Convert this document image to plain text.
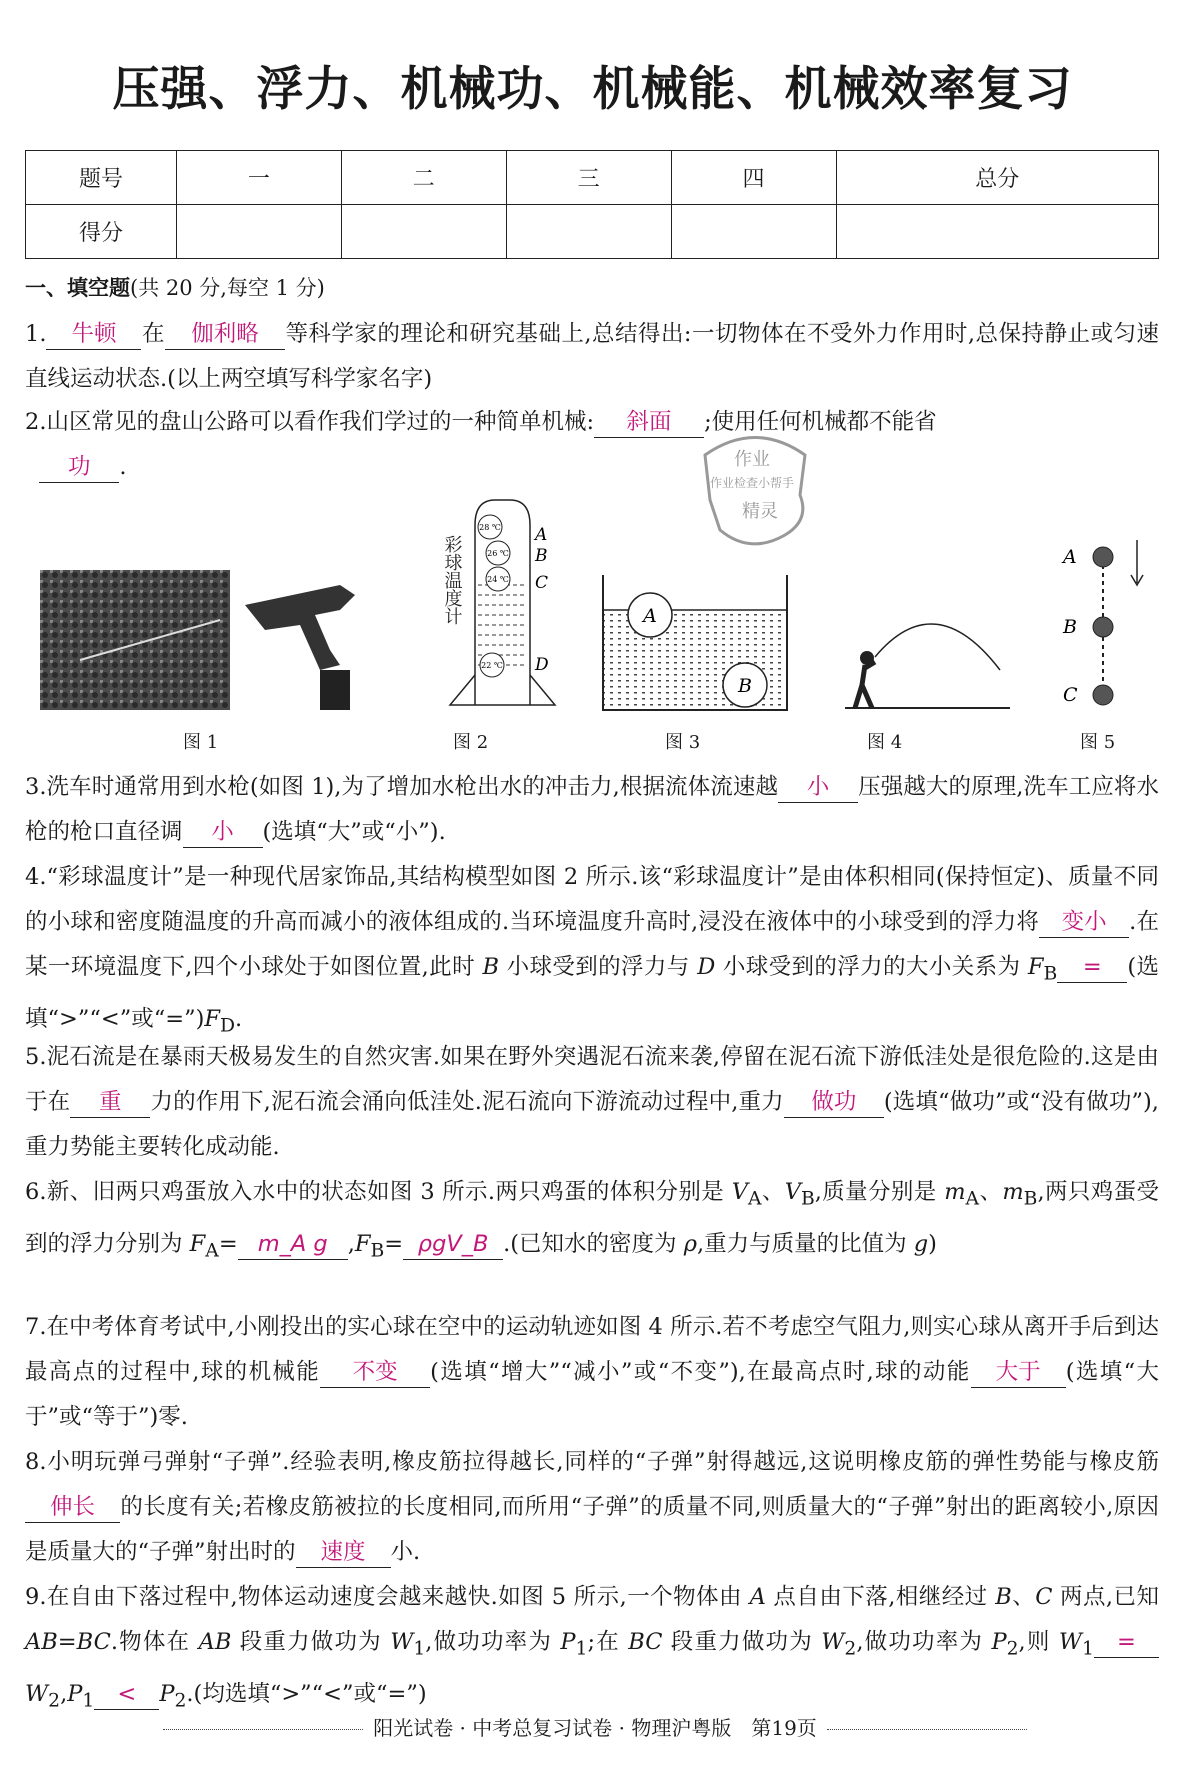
压强、浮力、机械功、机械能、机械效率复习
题号	一	二	三	四	总分
得分					
一、填空题(共 20 分,每空 1 分)
1. 牛顿 在 伽利略 等科学家的理论和研究基础上,总结得出:一切物体在不受外力作用时,总保持静止或匀速直线运动状态.(以上两空填写科学家名字)
2.山区常见的盘山公路可以看作我们学过的一种简单机械: 斜面 ;使用任何机械都不能省
功 .	作业
作业检查小帮手
精灵
图 1
彩球温度计
28 ℃
26 ℃
24 ℃
22 ℃
A
B
C
D
图 2
A
B
图 3	图 4
A
B
C
图 5
3.洗车时通常用到水枪(如图 1),为了增加水枪出水的冲击力,根据流体流速越 小 压强越大的原理,洗车工应将水枪的枪口直径调 小 (选填“大”或“小”).
4.“彩球温度计”是一种现代居家饰品,其结构模型如图 2 所示.该“彩球温度计”是由体积相同(保持恒定)、质量不同的小球和密度随温度的升高而减小的液体组成的.当环境温度升高时,浸没在液体中的小球受到的浮力将 变小 .在某一环境温度下,四个小球处于如图位置,此时 B 小球受到的浮力与 D 小球受到的浮力的大小关系为 $F_B$ = (选填“>”“<”或“$=”)F_D$.
5.泥石流是在暴雨天极易发生的自然灾害.如果在野外突遇泥石流来袭,停留在泥石流下游低洼处是很危险的.这是由于在 重 力的作用下,泥石流会涌向低洼处.泥石流向下游流动过程中,重力 做功 (选填“做功”或“没有做功”),重力势能主要转化成动能.
6.新、旧两只鸡蛋放入水中的状态如图 3 所示.两只鸡蛋的体积分别是 $V_A$、$V_B$,质量分别是 $m_A$、$m_B$,两只鸡蛋受到的浮力分别为 $F_A=$ m_A g $,F_B=$ ρgV_B .(已知水的密度为 ρ,重力与质量的比值为 g)
7.在中考体育考试中,小刚投出的实心球在空中的运动轨迹如图 4 所示.若不考虑空气阻力,则实心球从离开手后到达最高点的过程中,球的机械能 不变 (选填“增大”“减小”或“不变”),在最高点时,球的动能 大于 (选填“大于”或“等于”)零.
8.小明玩弹弓弹射“子弹”.经验表明,橡皮筋拉得越长,同样的“子弹”射得越远,这说明橡皮筋的弹性势能与橡皮筋伸长 的长度有关;若橡皮筋被拉的长度相同,而所用“子弹”的质量不同,则质量大的“子弹”射出的距离较小,原因是质量大的“子弹”射出时的 速度 小.
9.在自由下落过程中,物体运动速度会越来越快.如图 5 所示,一个物体由 A 点自由下落,相继经过 B、C 两点,已知 AB=BC.物体在 AB 段重力做功为 $W_1$,做功功率为 $P_1$;在 BC 段重力做功为 $W_2$,做功功率为 $P_2$,则 $W_1 =W_2,P_1 < P_2$.(均选填“>”“<”或“=”)
阳光试卷 · 中考总复习试卷 · 物理沪粤版　第19页
